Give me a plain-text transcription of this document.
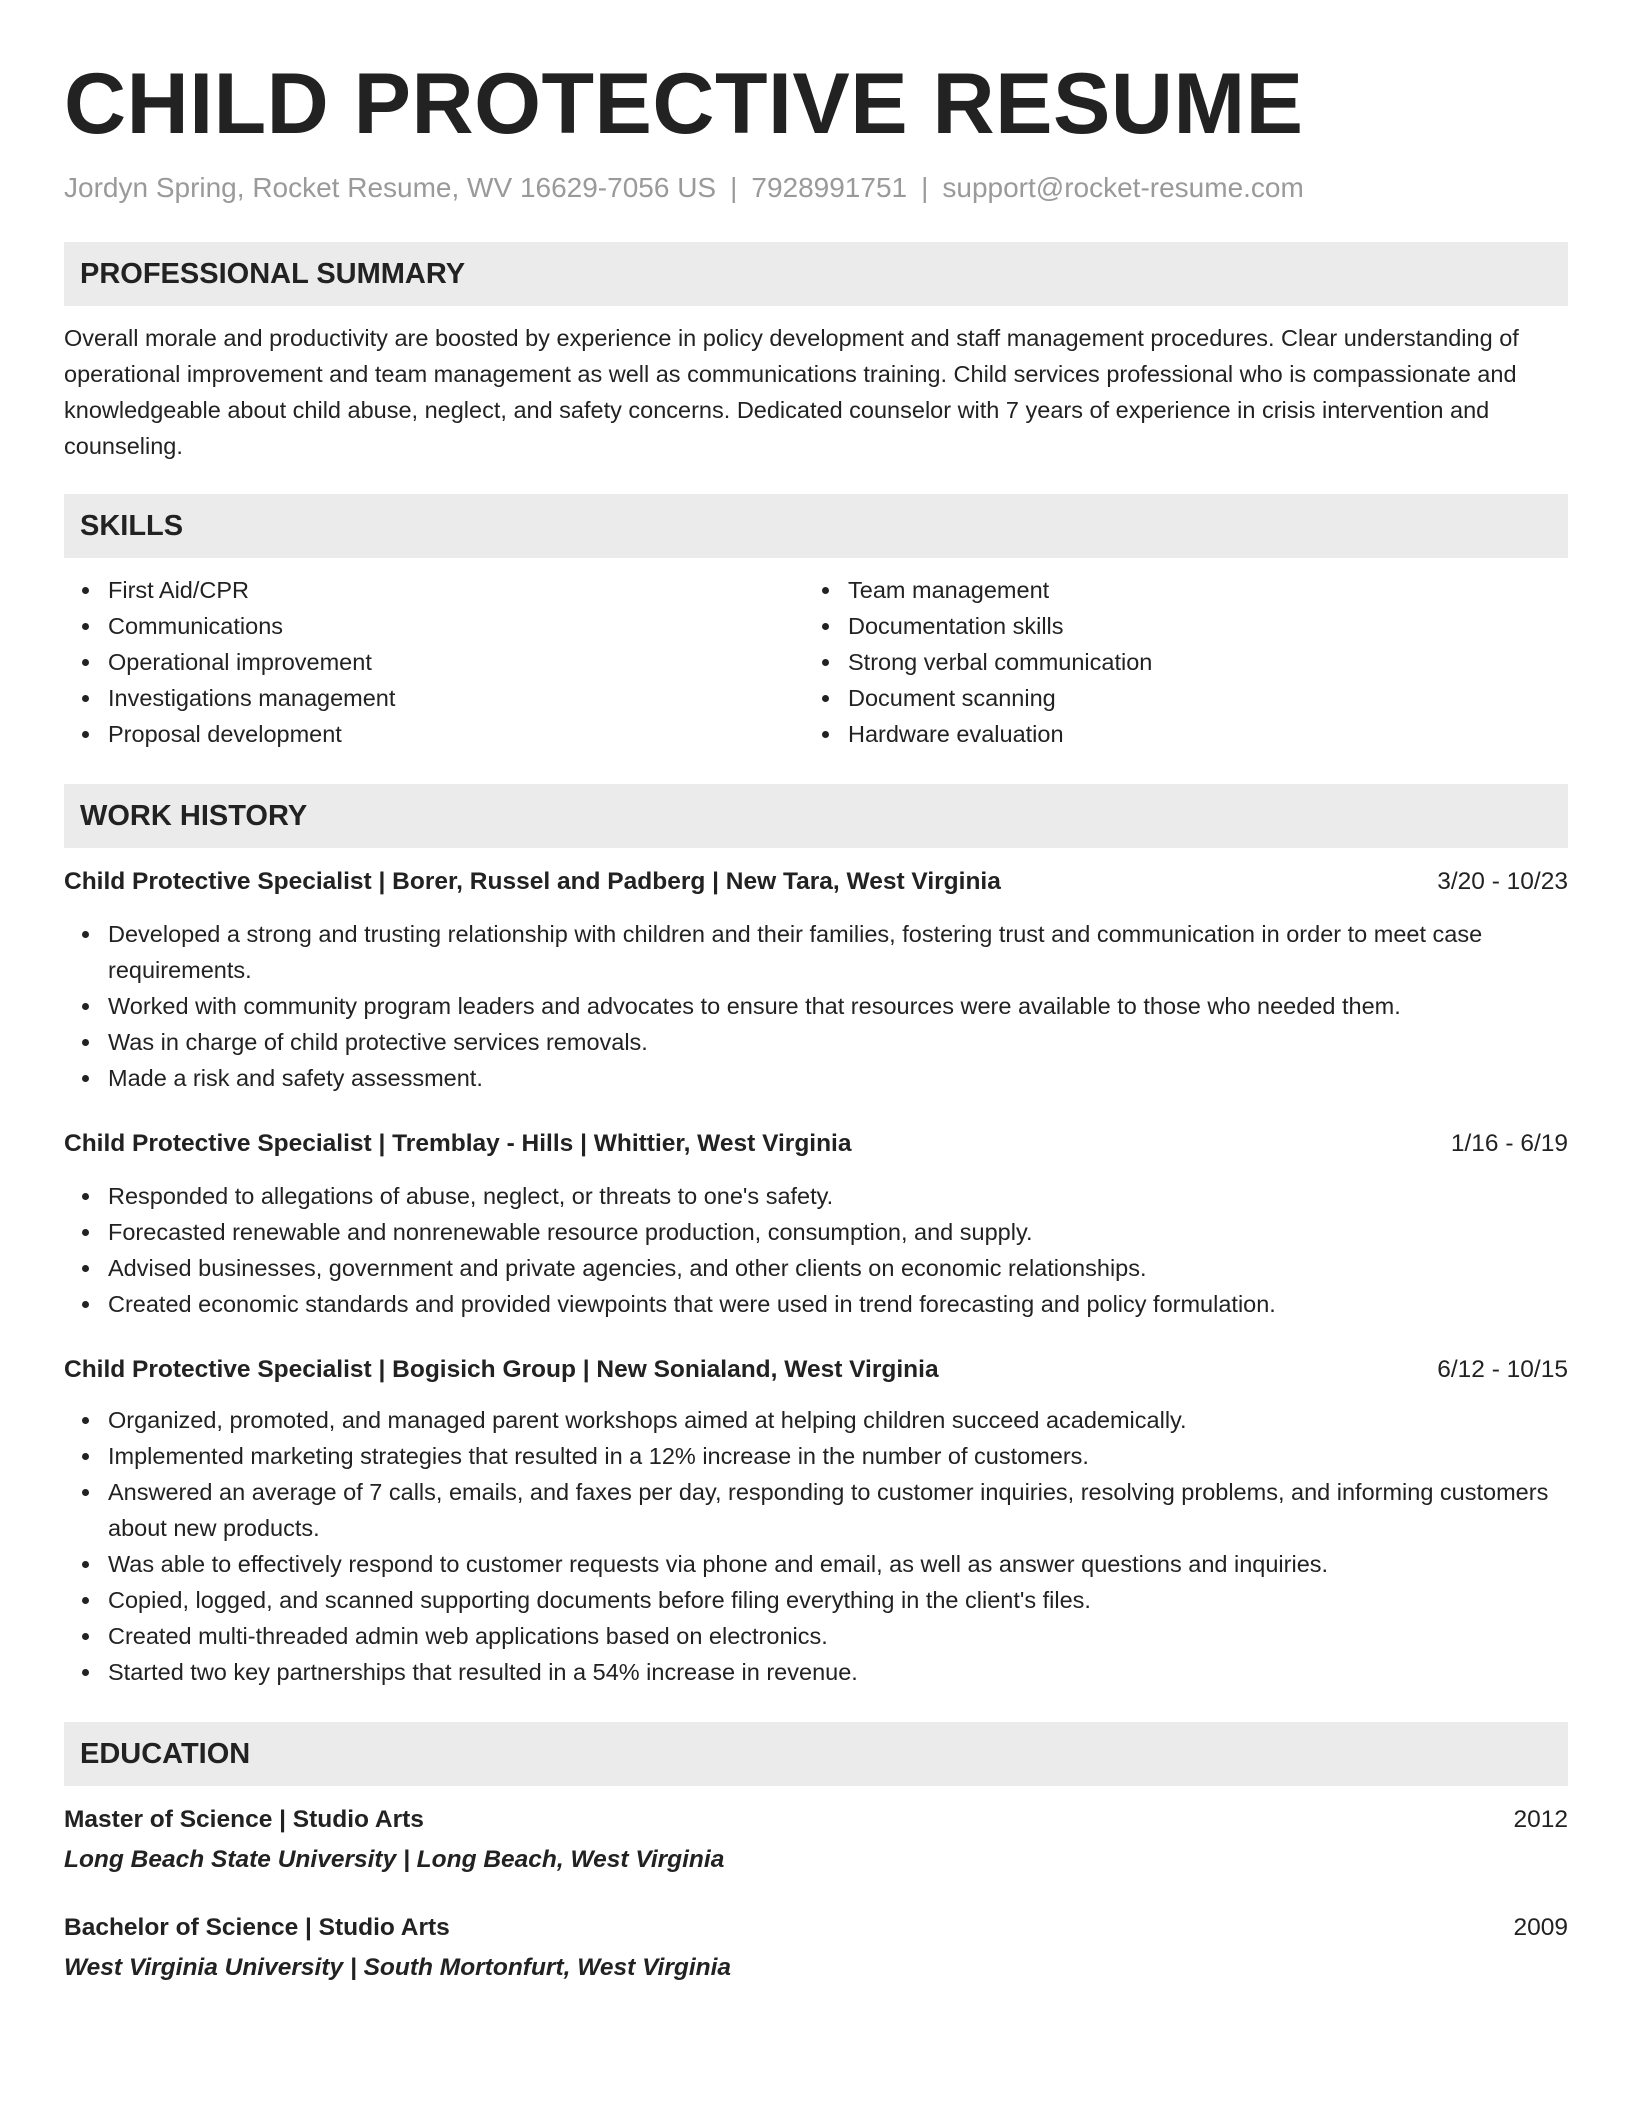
CHILD PROTECTIVE RESUME
Jordyn Spring, Rocket Resume, WV 16629-7056 US | 7928991751 | support@rocket-resume.com
PROFESSIONAL SUMMARY

Overall morale and productivity are boosted by experience in policy development and staff management procedures. Clear understanding of operational improvement and team management as well as communications training. Child services professional who is compassionate and knowledgeable about child abuse, neglect, and safety concerns. Dedicated counselor with 7 years of experience in crisis intervention and counseling.

SKILLS
First Aid/CPR
Communications
Operational improvement
Investigations management
Proposal development
Team management
Documentation skills
Strong verbal communication
Document scanning
Hardware evaluation
WORK HISTORY
Child Protective Specialist | Borer, Russel and Padberg | New Tara, West Virginia	3/20 - 10/23
Developed a strong and trusting relationship with children and their families, fostering trust and communication in order to meet case requirements.
Worked with community program leaders and advocates to ensure that resources were available to those who needed them.
Was in charge of child protective services removals.
Made a risk and safety assessment.
Child Protective Specialist | Tremblay - Hills | Whittier, West Virginia	1/16 - 6/19
Responded to allegations of abuse, neglect, or threats to one's safety.
Forecasted renewable and nonrenewable resource production, consumption, and supply.
Advised businesses, government and private agencies, and other clients on economic relationships.
Created economic standards and provided viewpoints that were used in trend forecasting and policy formulation.
Child Protective Specialist | Bogisich Group | New Sonialand, West Virginia	6/12 - 10/15
Organized, promoted, and managed parent workshops aimed at helping children succeed academically.
Implemented marketing strategies that resulted in a 12% increase in the number of customers.
Answered an average of 7 calls, emails, and faxes per day, responding to customer inquiries, resolving problems, and informing customers about new products.
Was able to effectively respond to customer requests via phone and email, as well as answer questions and inquiries.
Copied, logged, and scanned supporting documents before filing everything in the client's files.
Created multi-threaded admin web applications based on electronics.
Started two key partnerships that resulted in a 54% increase in revenue.
EDUCATION
Master of Science | Studio Arts	2012
Long Beach State University | Long Beach, West Virginia
Bachelor of Science | Studio Arts	2009
West Virginia University | South Mortonfurt, West Virginia
